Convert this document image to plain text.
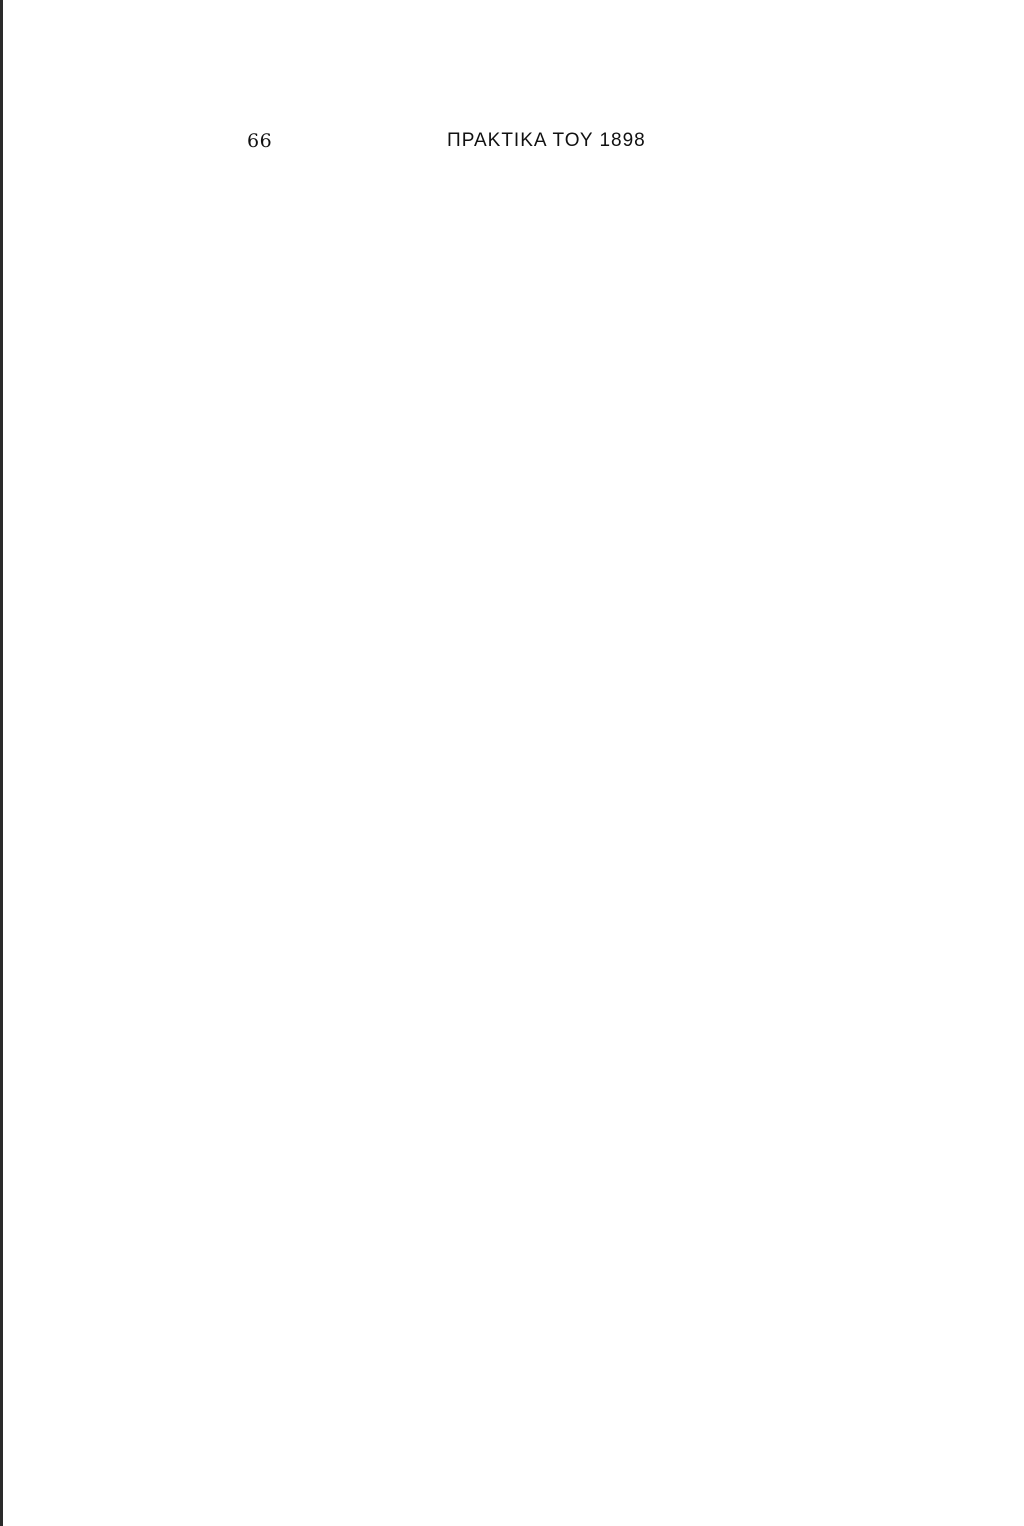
66	ΠΡΑΚΤΙΚΑ ΤΟΥ 1898
